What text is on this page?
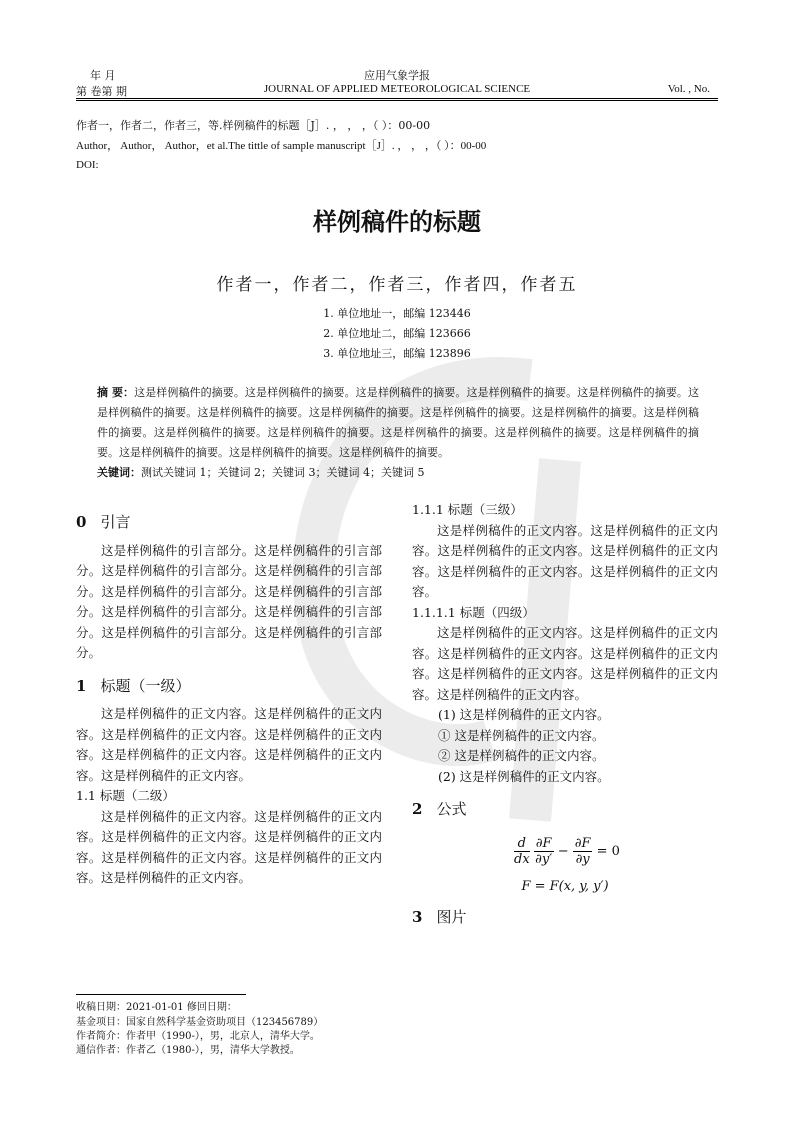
年 月
第 卷第 期
应用气象学报
JOURNAL OF APPLIED METEOROLOGICAL SCIENCE	Vol. , No.
作者一，作者二，作者三，等.样例稿件的标题［J］. ， ， ，（ ）：00-00
Author， Author， Author，et al.The tittle of sample manuscript［J］. ， ， ，（ ）：00-00
DOI:
样例稿件的标题
作者一，作者二，作者三，作者四，作者五
1. 单位地址一，邮编 123446
2. 单位地址二，邮编 123666
3. 单位地址三，邮编 123896
摘 要：这是样例稿件的摘要。这是样例稿件的摘要。这是样例稿件的摘要。这是样例稿件的摘要。这是样例稿件的摘要。这是样例稿件的摘要。这是样例稿件的摘要。这是样例稿件的摘要。这是样例稿件的摘要。这是样例稿件的摘要。这是样例稿件的摘要。这是样例稿件的摘要。这是样例稿件的摘要。这是样例稿件的摘要。这是样例稿件的摘要。这是样例稿件的摘要。这是样例稿件的摘要。这是样例稿件的摘要。这是样例稿件的摘要。
关键词：测试关键词 1；关键词 2；关键词 3；关键词 4；关键词 5
0 引言

这是样例稿件的引言部分。这是样例稿件的引言部分。这是样例稿件的引言部分。这是样例稿件的引言部分。这是样例稿件的引言部分。这是样例稿件的引言部分。这是样例稿件的引言部分。这是样例稿件的引言部分。这是样例稿件的引言部分。这是样例稿件的引言部分。

1 标题（一级）

这是样例稿件的正文内容。这是样例稿件的正文内容。这是样例稿件的正文内容。这是样例稿件的正文内容。这是样例稿件的正文内容。这是样例稿件的正文内容。这是样例稿件的正文内容。

1.1 标题（二级）

这是样例稿件的正文内容。这是样例稿件的正文内容。这是样例稿件的正文内容。这是样例稿件的正文内容。这是样例稿件的正文内容。这是样例稿件的正文内容。这是样例稿件的正文内容。

1.1.1 标题（三级）

这是样例稿件的正文内容。这是样例稿件的正文内容。这是样例稿件的正文内容。这是样例稿件的正文内容。这是样例稿件的正文内容。这是样例稿件的正文内容。

1.1.1.1 标题（四级）

这是样例稿件的正文内容。这是样例稿件的正文内容。这是样例稿件的正文内容。这是样例稿件的正文内容。这是样例稿件的正文内容。这是样例稿件的正文内容。这是样例稿件的正文内容。

(1) 这是样例稿件的正文内容。
① 这是样例稿件的正文内容。
② 这是样例稿件的正文内容。
(2) 这是样例稿件的正文内容。
2 公式
$\frac{d}{dx}$
$\frac{\partial F}{\partial y'} - \frac{\partial F}{\partial y} = 0$
F = F(x, y, y′)
3 图片
收稿日期：2021-01-01 修回日期：
基金项目：国家自然科学基金资助项目（123456789）
作者简介：作者甲（1990-），男，北京人，清华大学。
通信作者：作者乙（1980-），男，清华大学教授。
